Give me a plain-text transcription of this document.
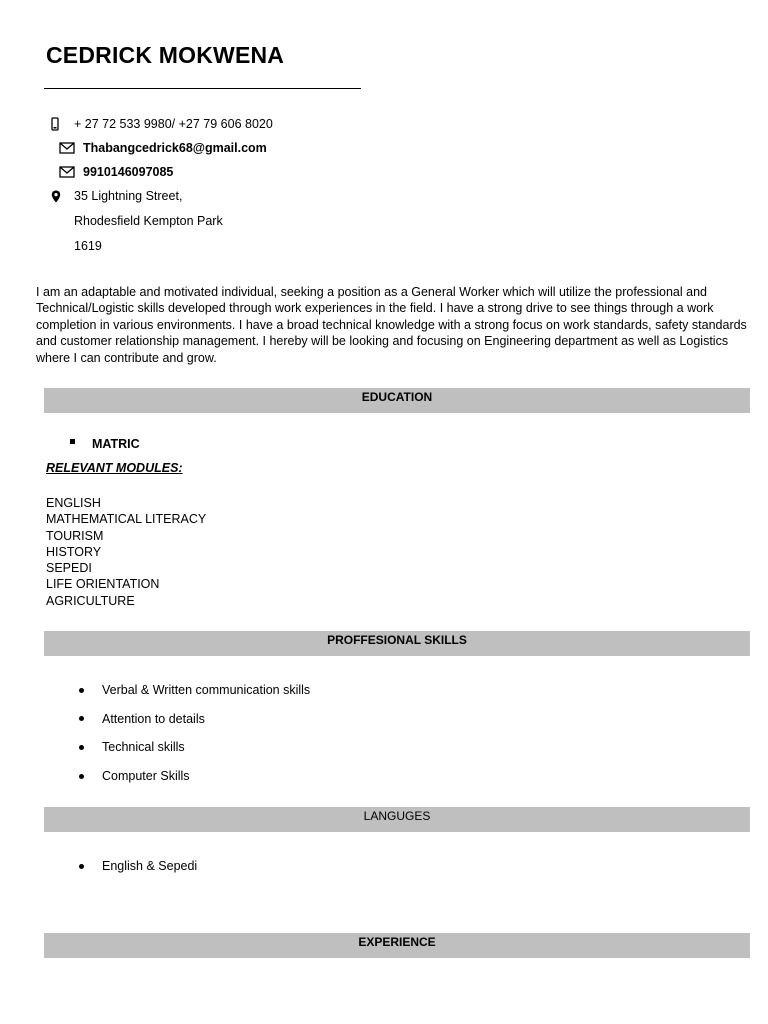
CEDRICK MOKWENA
+ 27 72 533 9980/ +27 79 606 8020
Thabangcedrick68@gmail.com
9910146097085
35 Lightning Street,
Rhodesfield Kempton Park
1619
I am an adaptable and motivated individual, seeking a position as a General Worker which will utilize the professional and Technical/Logistic skills developed through work experiences in the field. I have a strong drive to see things through a work completion in various environments. I have a broad technical knowledge with a strong focus on work standards, safety standards and customer relationship management. I hereby will be looking and focusing on Engineering department as well as Logistics where I can contribute and grow.
EDUCATION
MATRIC
RELEVANT MODULES:
ENGLISH
MATHEMATICAL LITERACY
TOURISM
HISTORY
SEPEDI
LIFE ORIENTATION
AGRICULTURE
PROFFESIONAL SKILLS
Verbal & Written communication skills
Attention to details
Technical skills
Computer Skills
LANGUGES
English & Sepedi
EXPERIENCE
